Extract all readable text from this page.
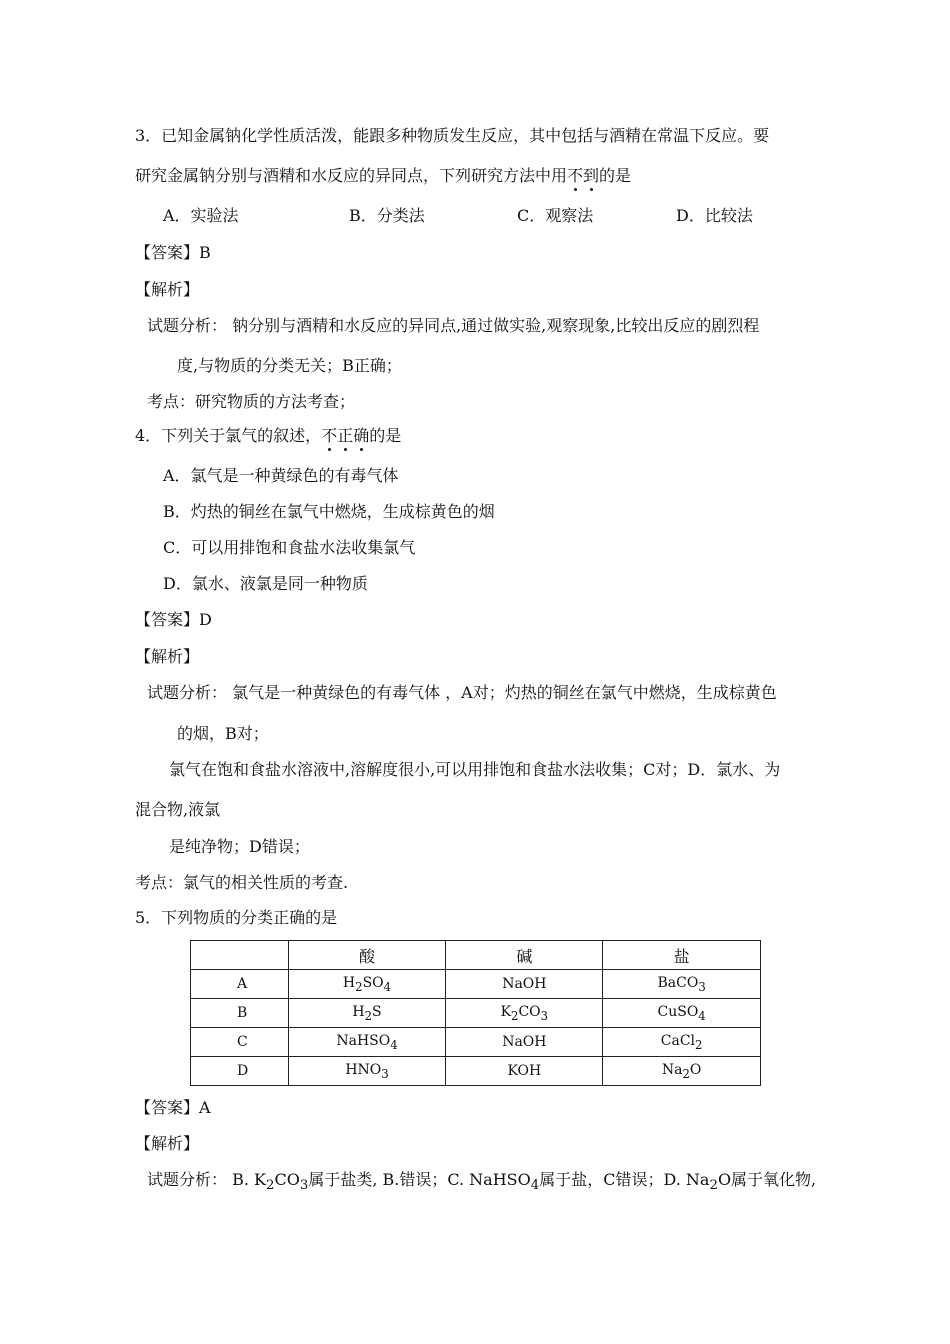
3．已知金属钠化学性质活泼，能跟多种物质发生反应，其中包括与酒精在常温下反应。要
研究金属钠分别与酒精和水反应的异同点，下列研究方法中用不到的是
A．实验法	B．分类法	C．观察法	D．比较法
【答案】B
【解析】
试题分析： 钠分别与酒精和水反应的异同点,通过做实验,观察现象,比较出反应的剧烈程
度,与物质的分类无关；B正确；
考点：研究物质的方法考查；
4．下列关于氯气的叙述，不正确的是
A．氯气是一种黄绿色的有毒气体
B．灼热的铜丝在氯气中燃烧，生成棕黄色的烟
C．可以用排饱和食盐水法收集氯气
D．氯水、液氯是同一种物质
【答案】D
【解析】
试题分析： 氯气是一种黄绿色的有毒气体 ，A对；灼热的铜丝在氯气中燃烧，生成棕黄色
的烟，B对；
氯气在饱和食盐水溶液中,溶解度很小,可以用排饱和食盐水法收集；C对；D．氯水、为
混合物,液氯
是纯净物；D错误；
考点：氯气的相关性质的考查.
5．下列物质的分类正确的是
	酸	碱	盐
A	$H_2SO_4$	NaOH	BaCO$_3$
B	$H_2S$	$K_2CO_3$	CuSO$_4$
C	NaHSO$_4$	NaOH	CaCl$_2$
D	$HNO_3$	KOH	$Na_2O$
【答案】A
【解析】
试题分析： B. $K_2CO_3$属于盐类, B.错误；C. NaHSO$_4$属于盐，C错误；D. $Na_2O$属于氧化物,
